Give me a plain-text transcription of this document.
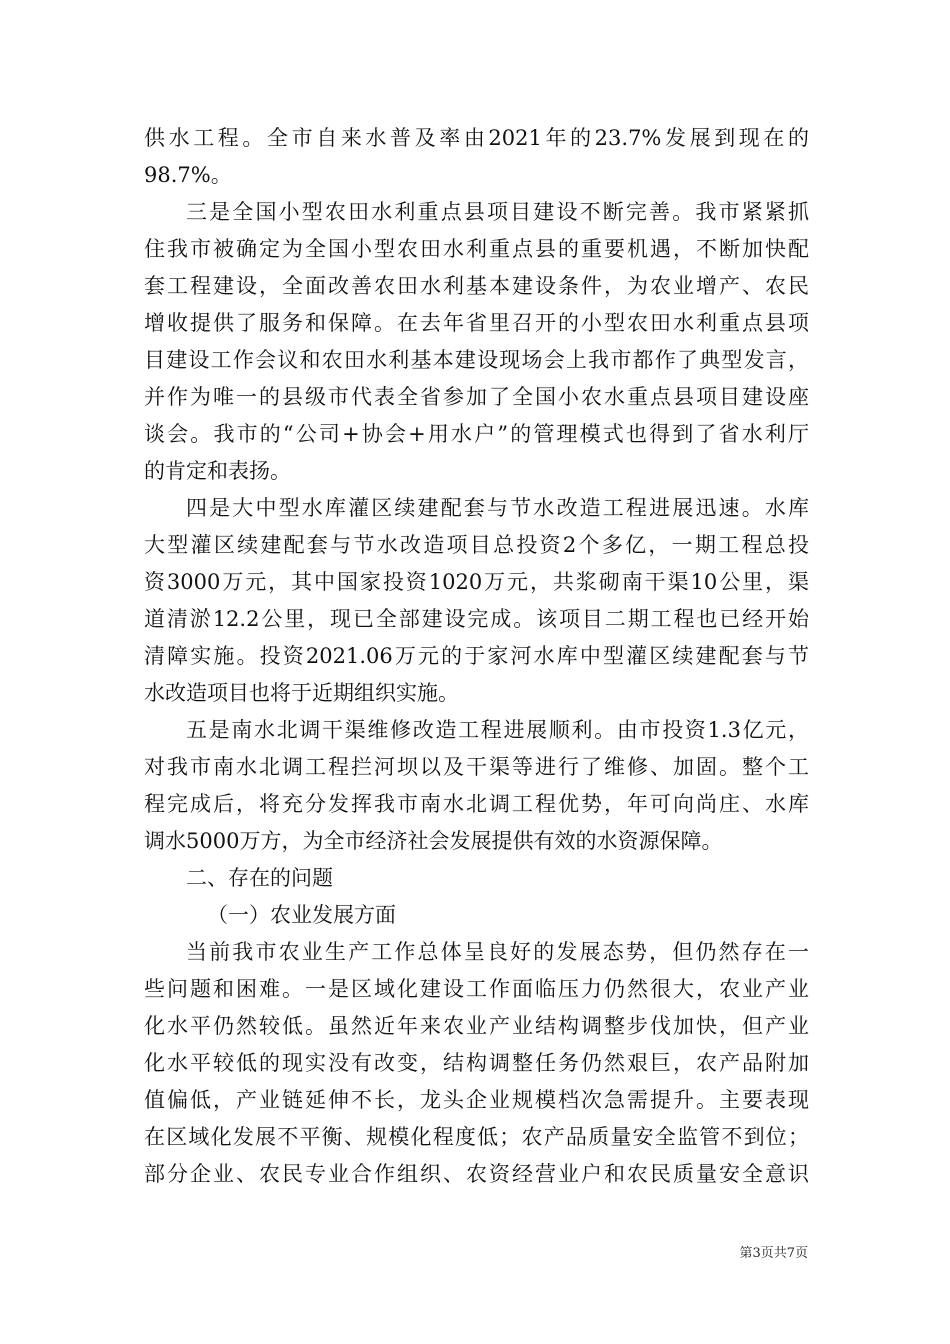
供水工程。全市自来水普及率由2021年的23.7%发展到现在的
98.7%。
三是全国小型农田水利重点县项目建设不断完善。我市紧紧抓
住我市被确定为全国小型农田水利重点县的重要机遇，不断加快配
套工程建设，全面改善农田水利基本建设条件，为农业增产、农民
增收提供了服务和保障。在去年省里召开的小型农田水利重点县项
目建设工作会议和农田水利基本建设现场会上我市都作了典型发言，
并作为唯一的县级市代表全省参加了全国小农水重点县项目建设座
谈会。我市的“公司+协会+用水户”的管理模式也得到了省水利厅
的肯定和表扬。
四是大中型水库灌区续建配套与节水改造工程进展迅速。水库
大型灌区续建配套与节水改造项目总投资2个多亿，一期工程总投
资3000万元，其中国家投资1020万元，共浆砌南干渠10公里，渠
道清淤12.2公里，现已全部建设完成。该项目二期工程也已经开始
清障实施。投资2021.06万元的于家河水库中型灌区续建配套与节
水改造项目也将于近期组织实施。
五是南水北调干渠维修改造工程进展顺利。由市投资1.3亿元，
对我市南水北调工程拦河坝以及干渠等进行了维修、加固。整个工
程完成后，将充分发挥我市南水北调工程优势，年可向尚庄、水库
调水5000万方，为全市经济社会发展提供有效的水资源保障。
二、存在的问题
（一）农业发展方面
当前我市农业生产工作总体呈良好的发展态势，但仍然存在一
些问题和困难。一是区域化建设工作面临压力仍然很大，农业产业
化水平仍然较低。虽然近年来农业产业结构调整步伐加快，但产业
化水平较低的现实没有改变，结构调整任务仍然艰巨，农产品附加
值偏低，产业链延伸不长，龙头企业规模档次急需提升。主要表现
在区域化发展不平衡、规模化程度低；农产品质量安全监管不到位；
部分企业、农民专业合作组织、农资经营业户和农民质量安全意识
第3页共7页
